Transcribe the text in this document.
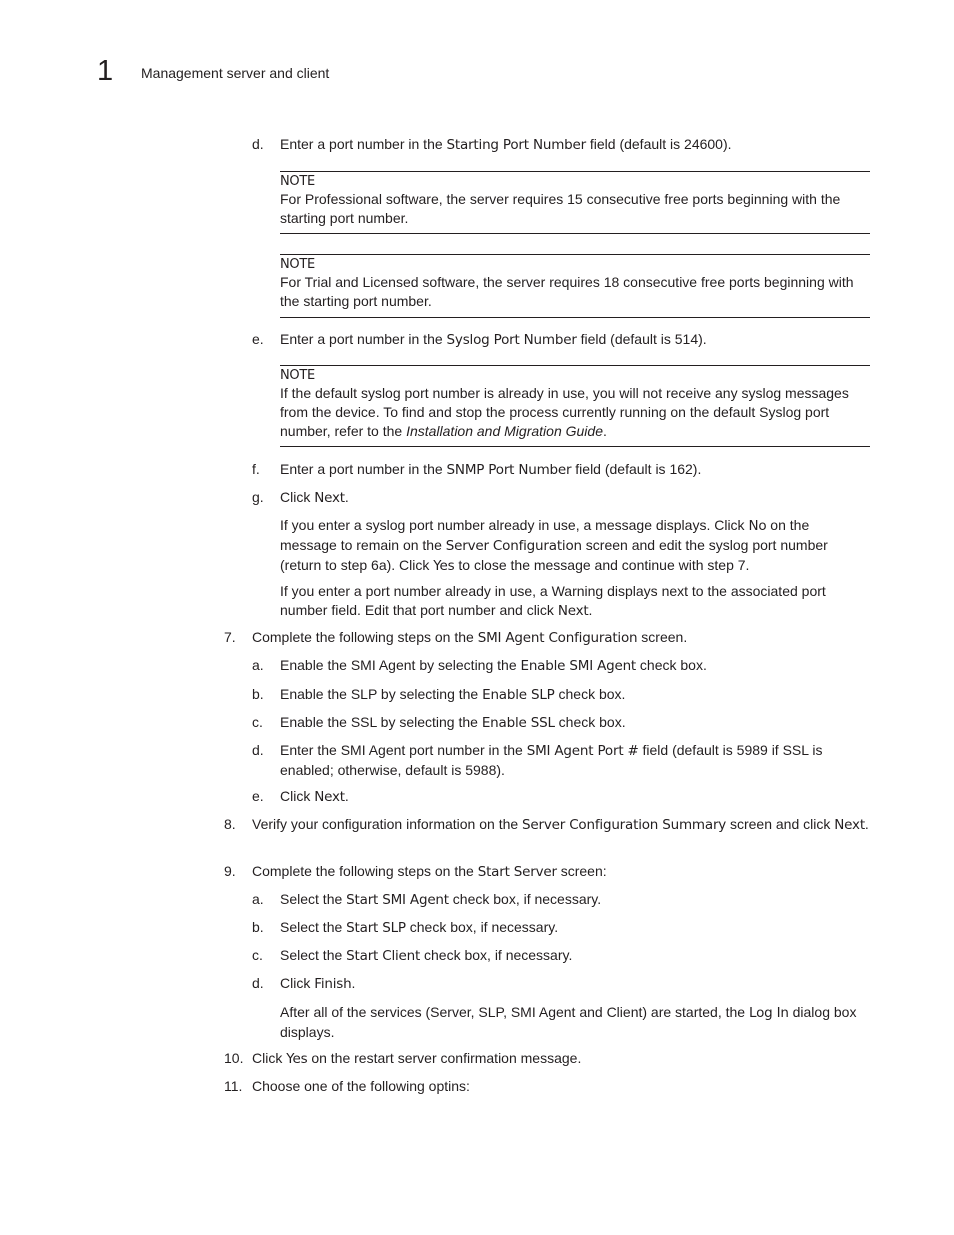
1 Management server and client
d. Enter a port number in the Starting Port Number field (default is 24600).
NOTE
For Professional software, the server requires 15 consecutive free ports beginning with the starting port number.
NOTE
For Trial and Licensed software, the server requires 18 consecutive free ports beginning with the starting port number.
e. Enter a port number in the Syslog Port Number field (default is 514).
NOTE
If the default syslog port number is already in use, you will not receive any syslog messages from the device. To find and stop the process currently running on the default Syslog port number, refer to the Installation and Migration Guide.
f. Enter a port number in the SNMP Port Number field (default is 162).
g. Click Next.
If you enter a syslog port number already in use, a message displays. Click No on the message to remain on the Server Configuration screen and edit the syslog port number (return to step 6a). Click Yes to close the message and continue with step 7.
If you enter a port number already in use, a Warning displays next to the associated port number field. Edit that port number and click Next.
7. Complete the following steps on the SMI Agent Configuration screen.
a. Enable the SMI Agent by selecting the Enable SMI Agent check box.
b. Enable the SLP by selecting the Enable SLP check box.
c. Enable the SSL by selecting the Enable SSL check box.
d. Enter the SMI Agent port number in the SMI Agent Port # field (default is 5989 if SSL is enabled; otherwise, default is 5988).
e. Click Next.
8. Verify your configuration information on the Server Configuration Summary screen and click Next.
9. Complete the following steps on the Start Server screen:
a. Select the Start SMI Agent check box, if necessary.
b. Select the Start SLP check box, if necessary.
c. Select the Start Client check box, if necessary.
d. Click Finish.
After all of the services (Server, SLP, SMI Agent and Client) are started, the Log In dialog box displays.
10. Click Yes on the restart server confirmation message.
11. Choose one of the following optins:
